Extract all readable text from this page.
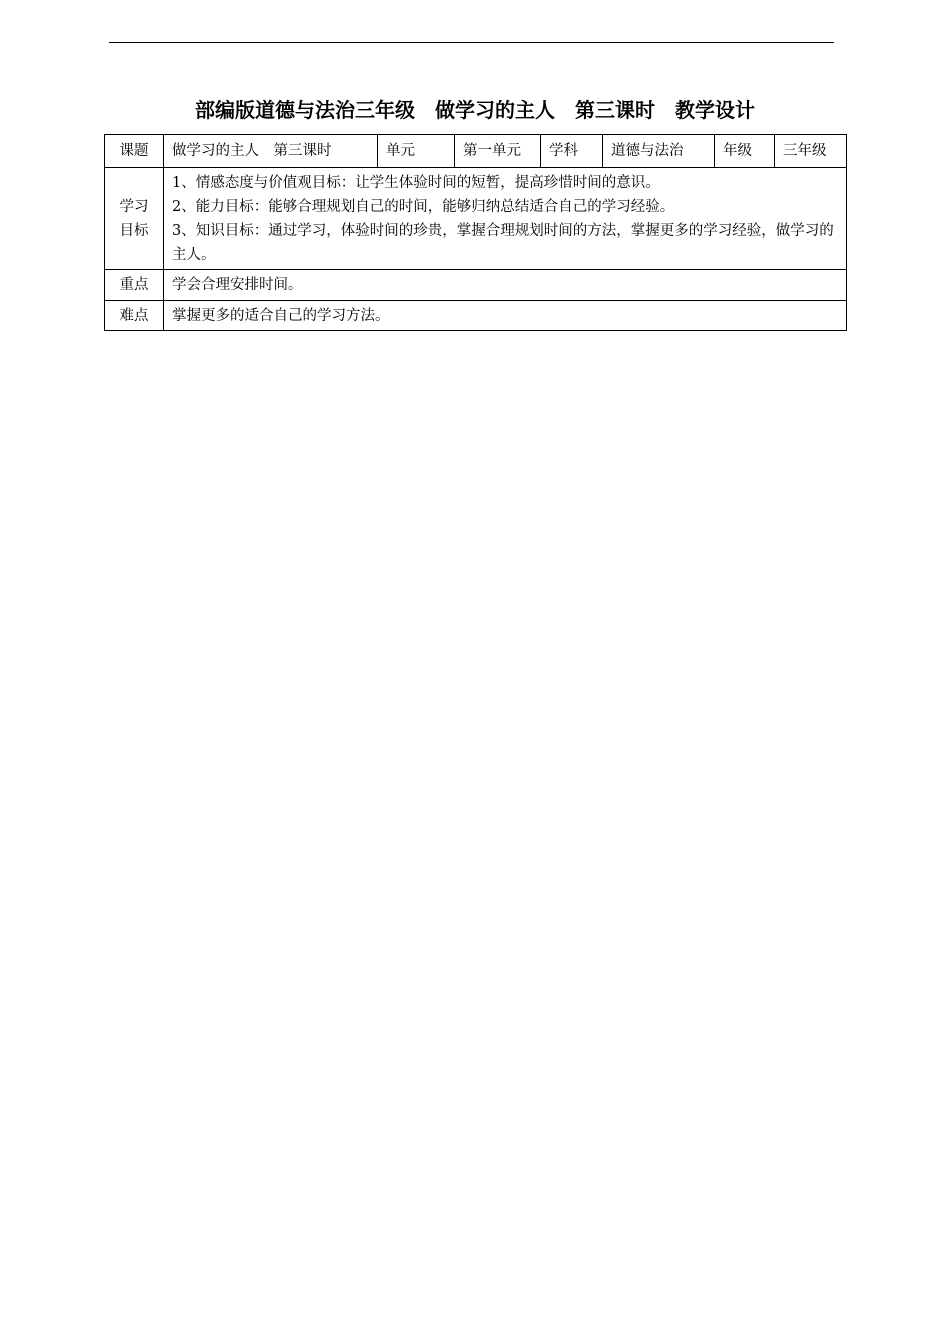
部编版道德与法治三年级　做学习的主人　第三课时　教学设计
课题	做学习的主人　第三课时	单元	第一单元	学科	道德与法治	年级	三年级

学习
目标	1、情感态度与价值观目标：让学生体验时间的短暂，提高珍惜时间的意识。
2、能力目标：能够合理规划自己的时间，能够归纳总结适合自己的学习经验。
3、知识目标：通过学习，体验时间的珍贵，掌握合理规划时间的方法，掌握更多的学习经验，做学习的主人。						

重点	学会合理安排时间。						
难点	掌握更多的适合自己的学习方法。						
